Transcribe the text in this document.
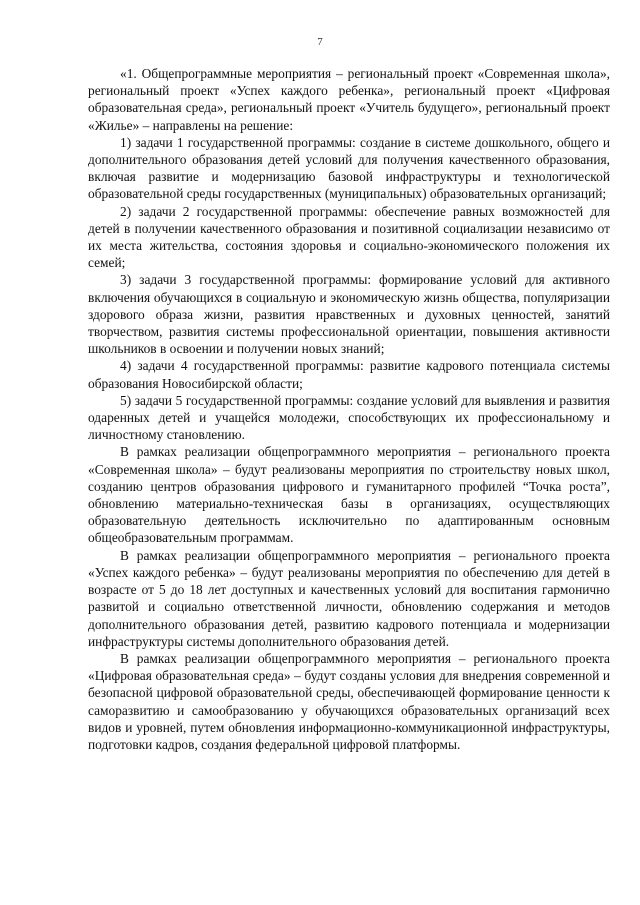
7

«1. Общепрограммные мероприятия – региональный проект «Современная школа», региональный проект «Успех каждого ребенка», региональный проект «Цифровая образовательная среда», региональный проект «Учитель будущего», региональный проект «Жилье» – направлены на решение:

1) задачи 1 государственной программы: создание в системе дошкольного, общего и дополнительного образования детей условий для получения качественного образования, включая развитие и модернизацию базовой инфраструктуры и технологической образовательной среды государственных (муниципальных) образовательных организаций;

2) задачи 2 государственной программы: обеспечение равных возможностей для детей в получении качественного образования и позитивной социализации независимо от их места жительства, состояния здоровья и социально-экономического положения их семей;

3) задачи 3 государственной программы: формирование условий для активного включения обучающихся в социальную и экономическую жизнь общества, популяризации здорового образа жизни, развития нравственных и духовных ценностей, занятий творчеством, развития системы профессиональной ориентации, повышения активности школьников в освоении и получении новых знаний;

4) задачи 4 государственной программы: развитие кадрового потенциала системы образования Новосибирской области;

5) задачи 5 государственной программы: создание условий для выявления и развития одаренных детей и учащейся молодежи, способствующих их профессиональному и личностному становлению.

В рамках реализации общепрограммного мероприятия – регионального проекта «Современная школа» – будут реализованы мероприятия по строительству новых школ, созданию центров образования цифрового и гуманитарного профилей “Точка роста”, обновлению материально-техническая базы в организациях, осуществляющих образовательную деятельность исключительно по адаптированным основным общеобразовательным программам.

В рамках реализации общепрограммного мероприятия – регионального проекта «Успех каждого ребенка» – будут реализованы мероприятия по обеспечению для детей в возрасте от 5 до 18 лет доступных и качественных условий для воспитания гармонично развитой и социально ответственной личности, обновлению содержания и методов дополнительного образования детей, развитию кадрового потенциала и модернизации инфраструктуры системы дополнительного образования детей.

В рамках реализации общепрограммного мероприятия – регионального проекта «Цифровая образовательная среда» – будут созданы условия для внедрения современной и безопасной цифровой образовательной среды, обеспечивающей формирование ценности к саморазвитию и самообразованию у обучающихся образовательных организаций всех видов и уровней, путем обновления информационно-коммуникационной инфраструктуры, подготовки кадров, создания федеральной цифровой платформы.
